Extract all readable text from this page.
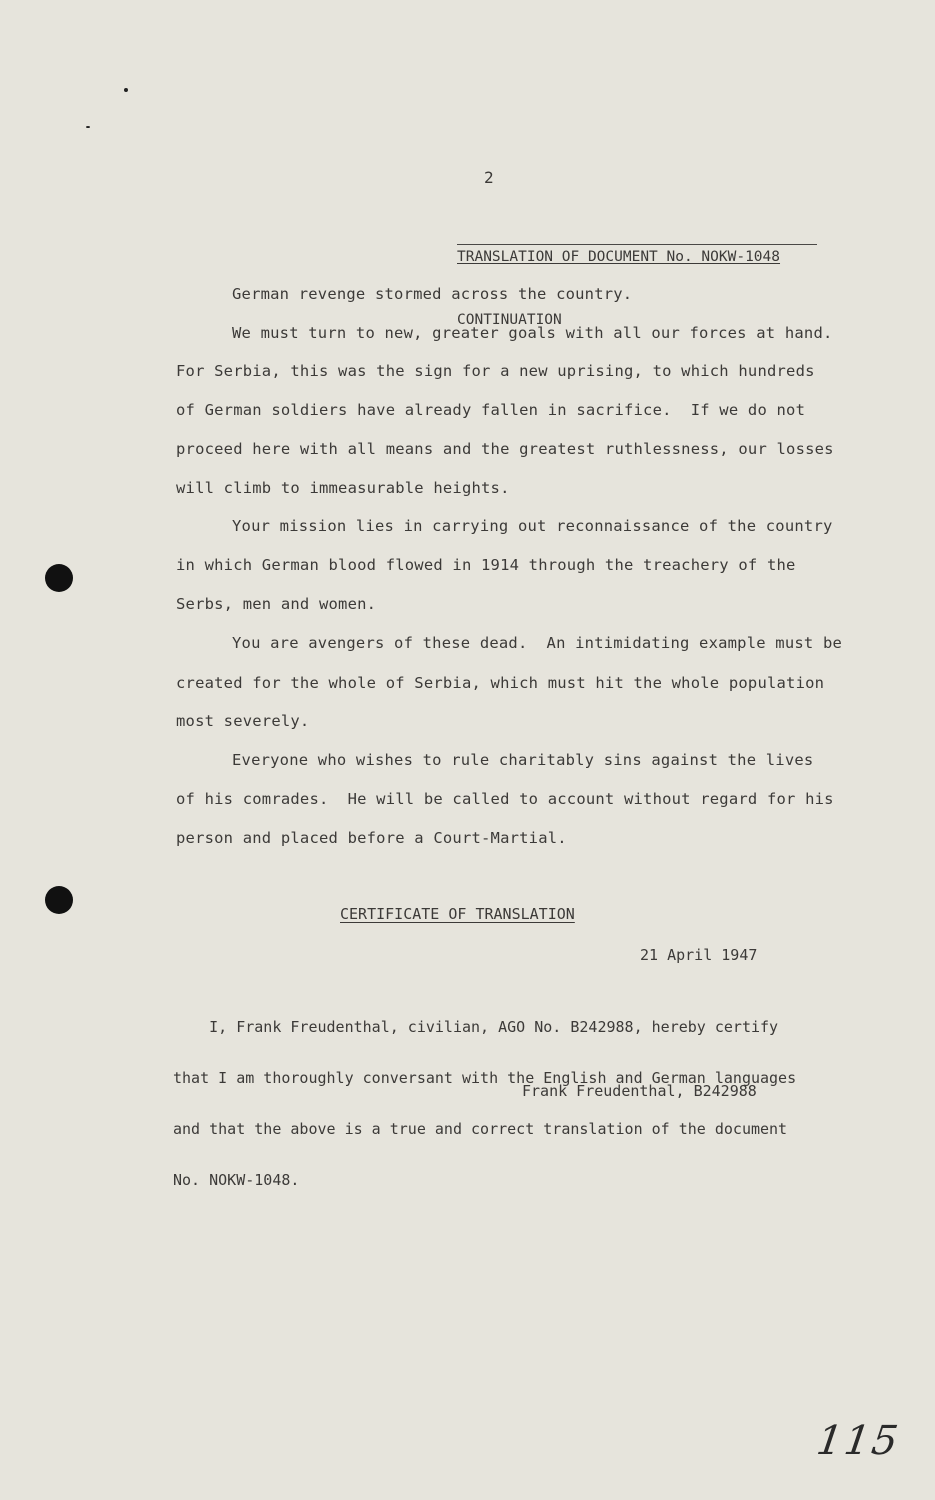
2

TRANSLATION OF DOCUMENT No. NOKW-1048

CONTINUATION

German revenge stormed across the country.
We must turn to new, greater goals with all our forces at hand.
For Serbia, this was the sign for a new uprising, to which hundreds
of German soldiers have already fallen in sacrifice.  If we do not
proceed here with all means and the greatest ruthlessness, our losses
will climb to immeasurable heights.
Your mission lies in carrying out reconnaissance of the country
in which German blood flowed in 1914 through the treachery of the
Serbs, men and women.
You are avengers of these dead.  An intimidating example must be
created for the whole of Serbia, which must hit the whole population
most severely.
Everyone who wishes to rule charitably sins against the lives
of his comrades.  He will be called to account without regard for his
person and placed before a Court-Martial.
CERTIFICATE OF TRANSLATION
21 April 1947

I, Frank Freudenthal, civilian, AGO No. B242988, hereby certify

that I am thoroughly conversant with the English and German languages

and that the above is a true and correct translation of the document

No. NOKW-1048.

Frank Freudenthal, B242988
115
